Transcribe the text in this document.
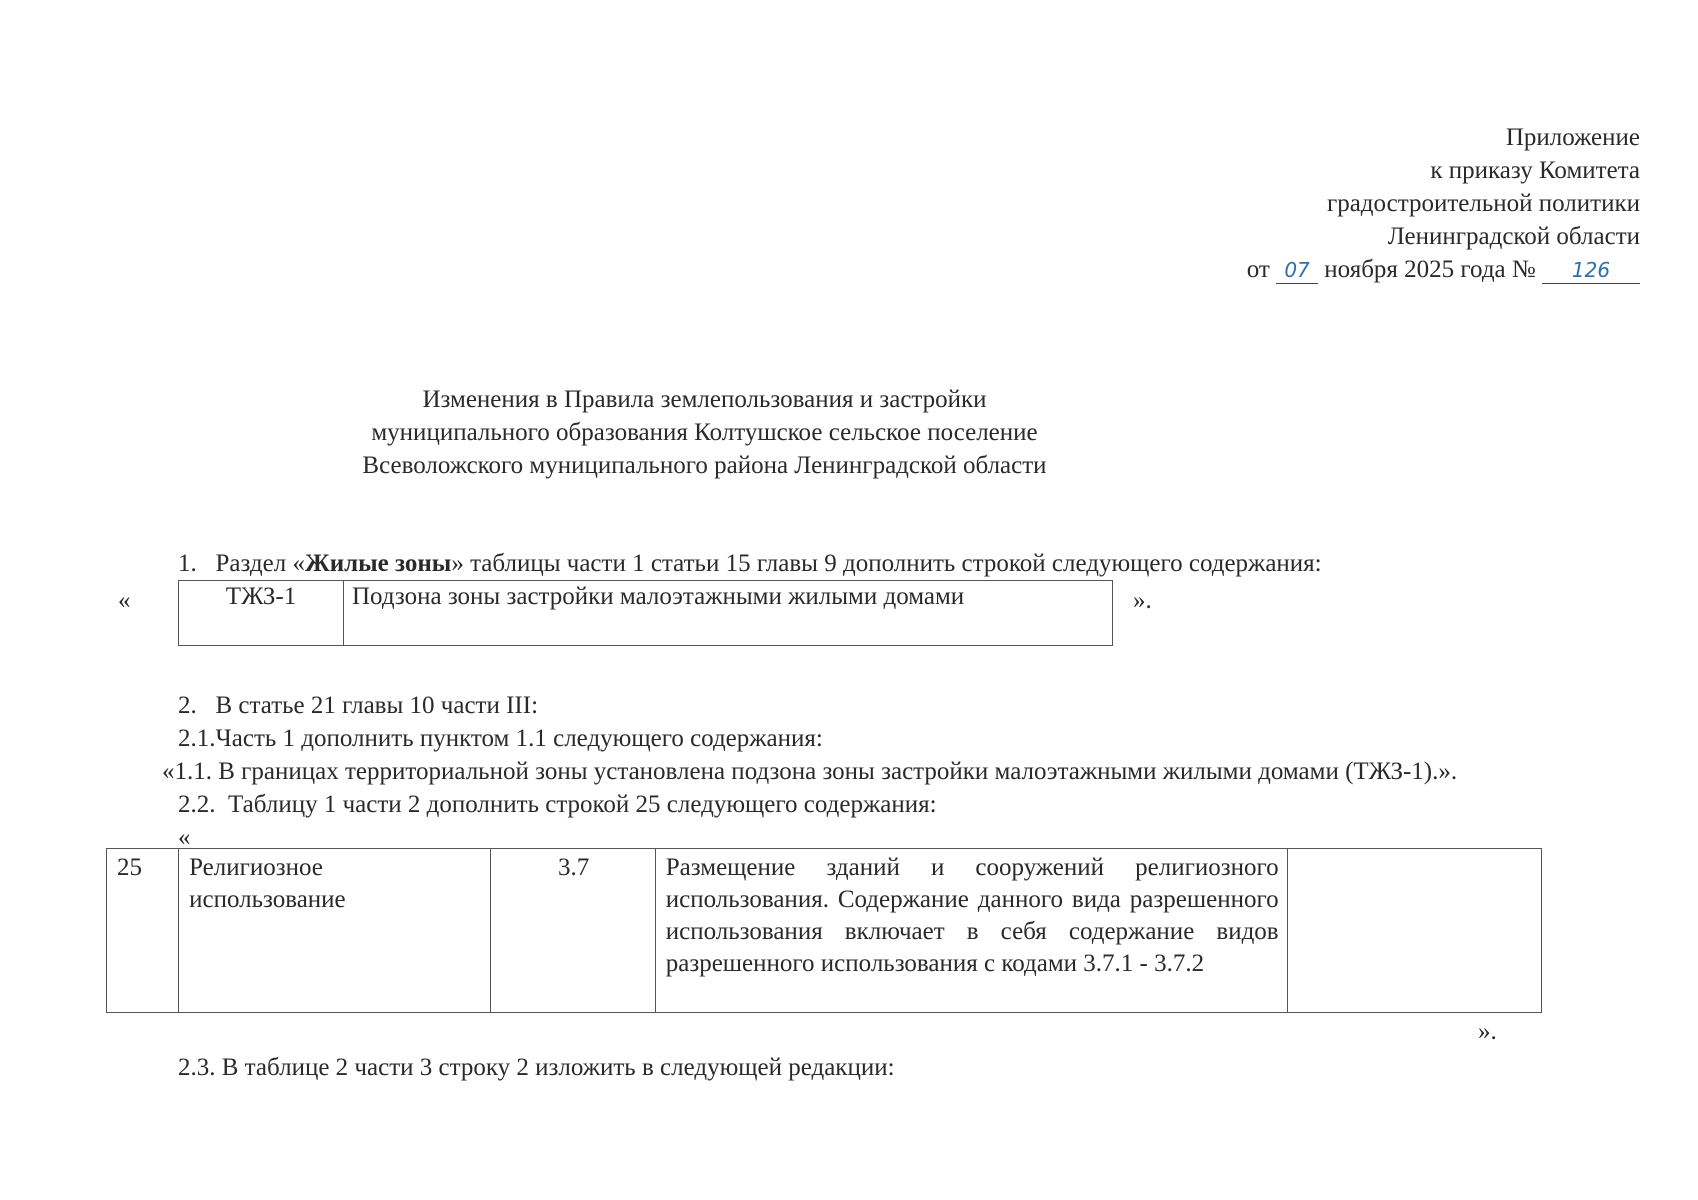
Приложение
к приказу Комитета
градостроительной политики
Ленинградской области
от 07 ноября 2025 года № 126
Изменения в Правила землепользования и застройки
муниципального образования Колтушское сельское поселение
Всеволожского муниципального района Ленинградской области
1. Раздел «Жилые зоны» таблицы части 1 статьи 15 главы 9 дополнить строкой следующего содержания:
«	ТЖЗ-1	Подзона зоны застройки малоэтажными жилыми домами	».
2.   В статье 21 главы 10 части III:
2.1.Часть 1 дополнить пунктом 1.1 следующего содержания:
«1.1. В границах территориальной зоны установлена подзона зоны застройки малоэтажными жилыми домами (ТЖЗ-1).».
2.2.  Таблицу 1 части 2 дополнить строкой 25 следующего содержания:
«
25	Религиозное использование	3.7	Размещение зданий и сооружений религиозного использования. Содержание данного вида разрешенного использования включает в себя содержание видов разрешенного использования с кодами 3.7.1 - 3.7.2	
».
2.3. В таблице 2 части 3 строку 2 изложить в следующей редакции:
